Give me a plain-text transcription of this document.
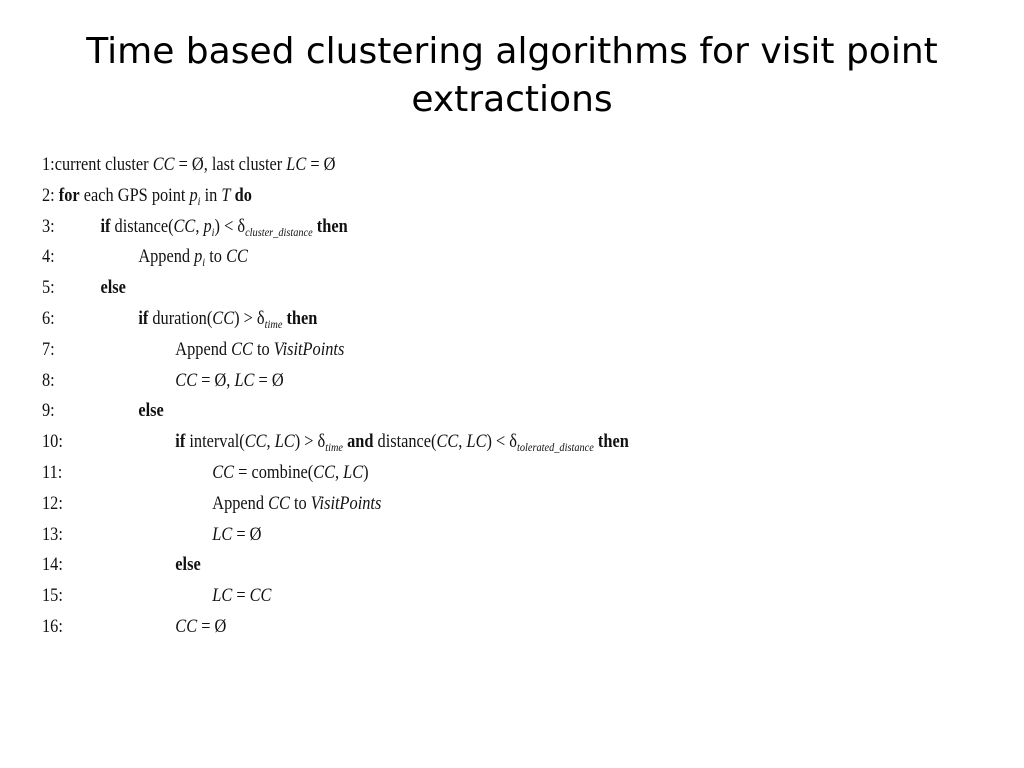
Time based clustering algorithms for visit point extractions
1:current cluster CC = Ø, last cluster LC = Ø
2: for each GPS point $p_i$ in T do
3: if distance(CC, $p_i) < \delta_{cluster\_distance}$ then
4:	Append $p_i$ to CC
5: else
6:	if duration(CC) > $\delta_{time}$ then
7:	Append CC to VisitPoints
8:	CC = Ø, LC = Ø
9:	else
10:	if interval(CC, $LC) > \delta_{time}$ and distance(CC, $LC) < \delta_{tolerated\_distance}$ then
11:	CC = combine(CC, LC)
12:	Append CC to VisitPoints
13:	LC = Ø
14:	else
15:	LC = CC
16:	CC = Ø
